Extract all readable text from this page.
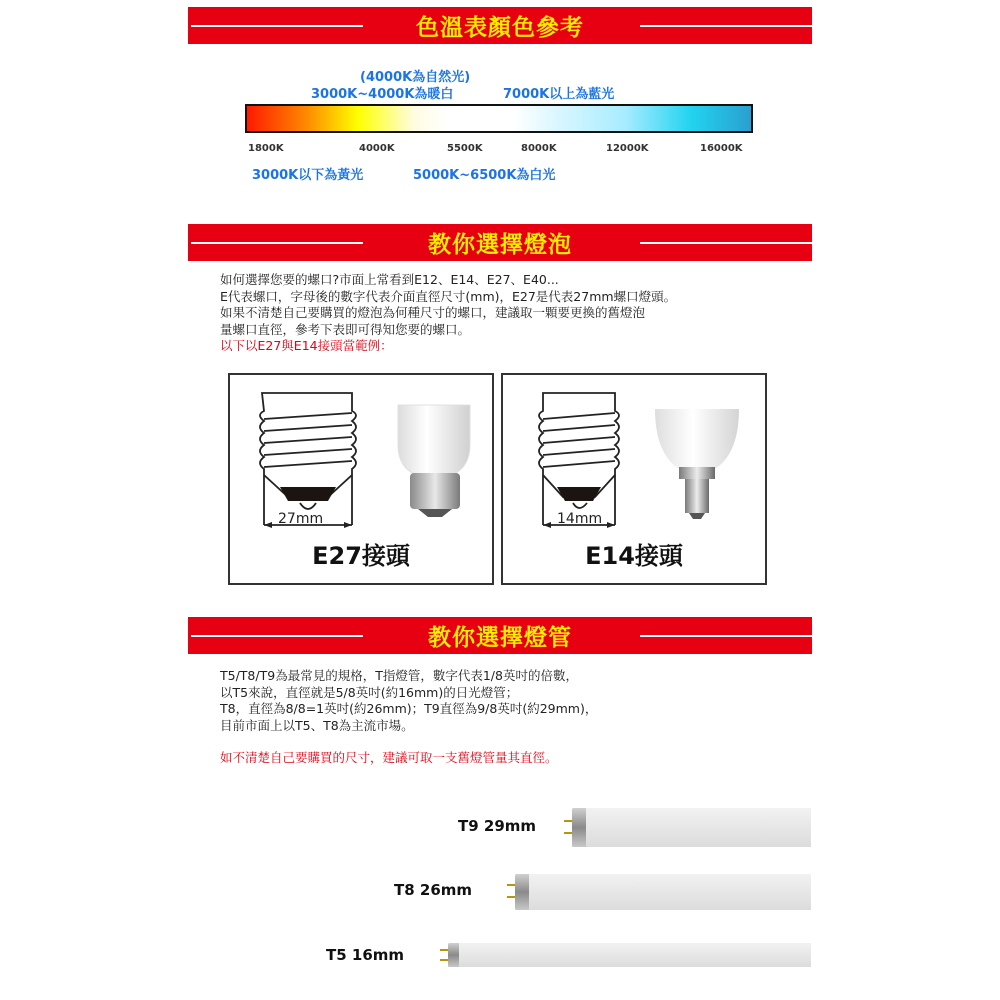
色溫表顏色參考
(4000K為自然光)
3000K~4000K為暖白	7000K以上為藍光
1800K	4000K	5500K	8000K	12000K	16000K
3000K以下為黃光	5000K~6500K為白光
教你選擇燈泡
如何選擇您要的螺口?市面上常看到E12、E14、E27、E40...
E代表螺口，字母後的數字代表介面直徑尺寸(mm)，E27是代表27mm螺口燈頭。
如果不清楚自己要購買的燈泡為何種尺寸的螺口，建議取一顆要更換的舊燈泡
量螺口直徑，參考下表即可得知您要的螺口。
以下以E27與E14接頭當範例：
27mm
E27接頭
14mm
E14接頭
教你選擇燈管
T5/T8/T9為最常見的規格，T指燈管，數字代表1/8英吋的倍數，
以T5來說，直徑就是5/8英吋(約16mm)的日光燈管；
T8，直徑為8/8=1英吋(約26mm)；T9直徑為9/8英吋(約29mm)，
目前市面上以T5、T8為主流市場。
如不清楚自己要購買的尺寸，建議可取一支舊燈管量其直徑。
T9 29mm
T8 26mm
T5 16mm
